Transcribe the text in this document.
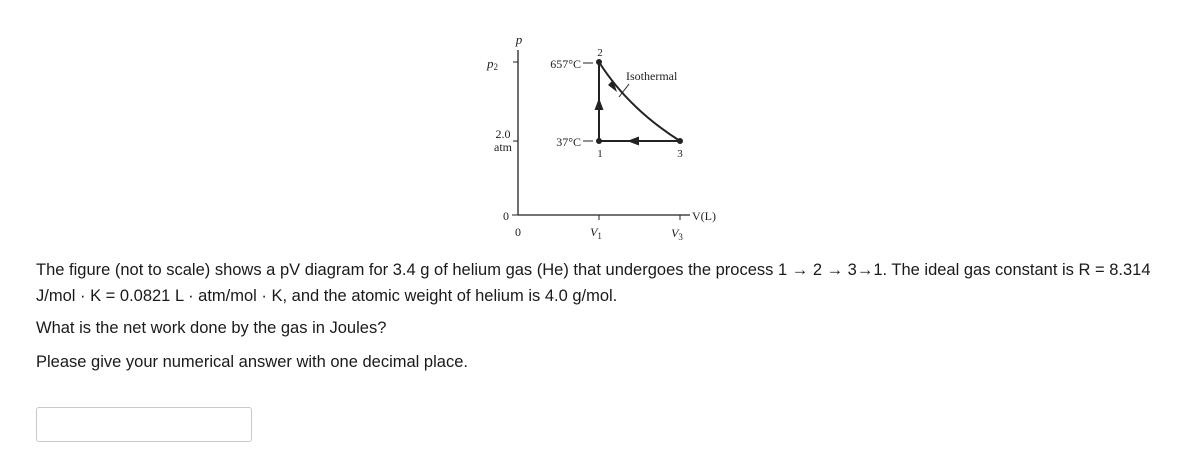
p
V(L)
p2
2.0
atm
0
0	$V_1$	$V_3$
657°C
37°C
2
1	3
Isothermal
The figure (not to scale) shows a pV diagram for 3.4 g of helium gas (He) that undergoes the process 1 → 2 → 3→1. The ideal gas constant is R = 8.314 J/mol · K = 0.0821 L · atm/mol · K, and the atomic weight of helium is 4.0 g/mol.
What is the net work done by the gas in Joules?
Please give your numerical answer with one decimal place.
